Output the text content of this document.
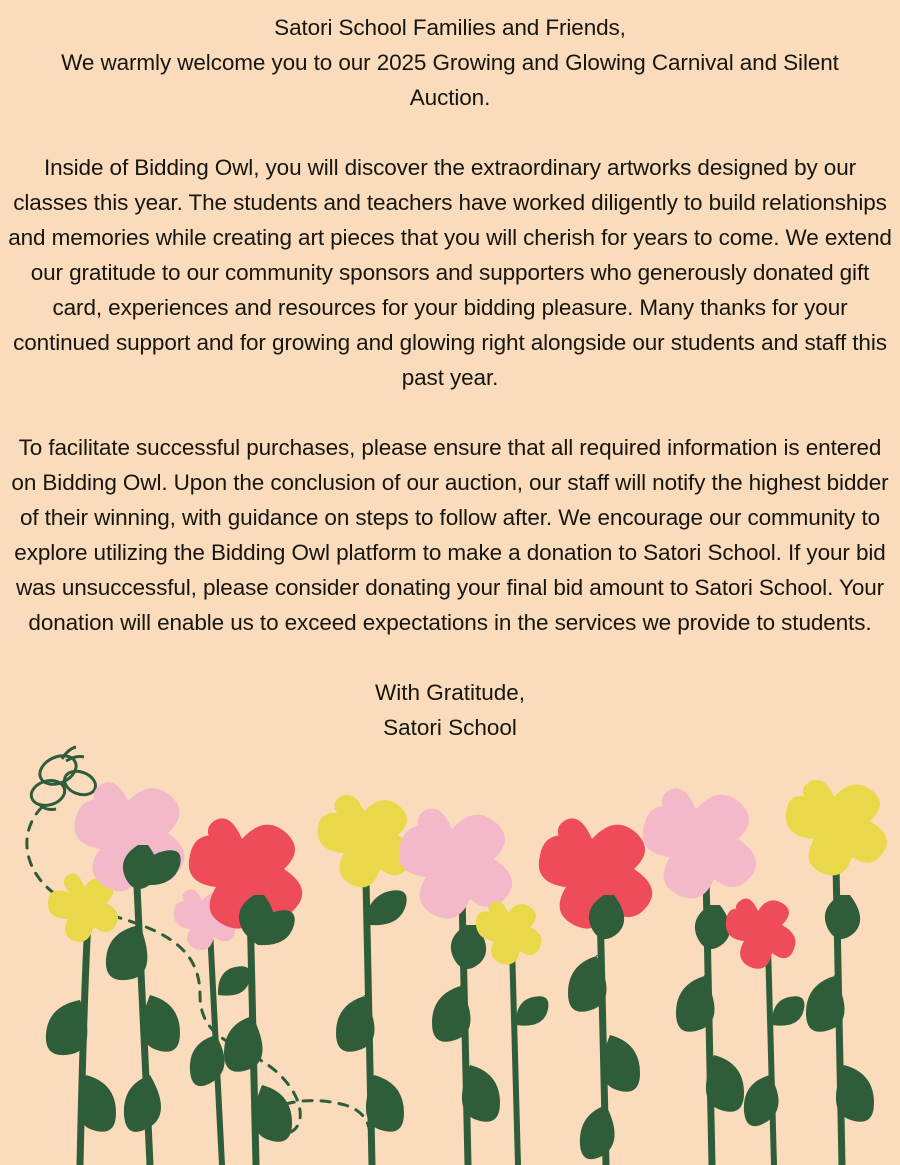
Satori School Families and Friends,

We warmly welcome you to our 2025 Growing and Glowing Carnival and Silent

Auction.

Inside of Bidding Owl, you will discover the extraordinary artworks designed by our classes this year. The students and teachers have worked diligently to build relationships and memories while creating art pieces that you will cherish for years to come. We extend our gratitude to our community sponsors and supporters who generously donated gift card, experiences and resources for your bidding pleasure. Many thanks for your continued support and for growing and glowing right alongside our students and staff this past year.

To facilitate successful purchases, please ensure that all required information is entered on Bidding Owl. Upon the conclusion of our auction, our staff will notify the highest bidder of their winning, with guidance on steps to follow after. We encourage our community to explore utilizing the Bidding Owl platform to make a donation to Satori School. If your bid was unsuccessful, please consider donating your final bid amount to Satori School. Your donation will enable us to exceed expectations in the services we provide to students.

With Gratitude,

Satori School
